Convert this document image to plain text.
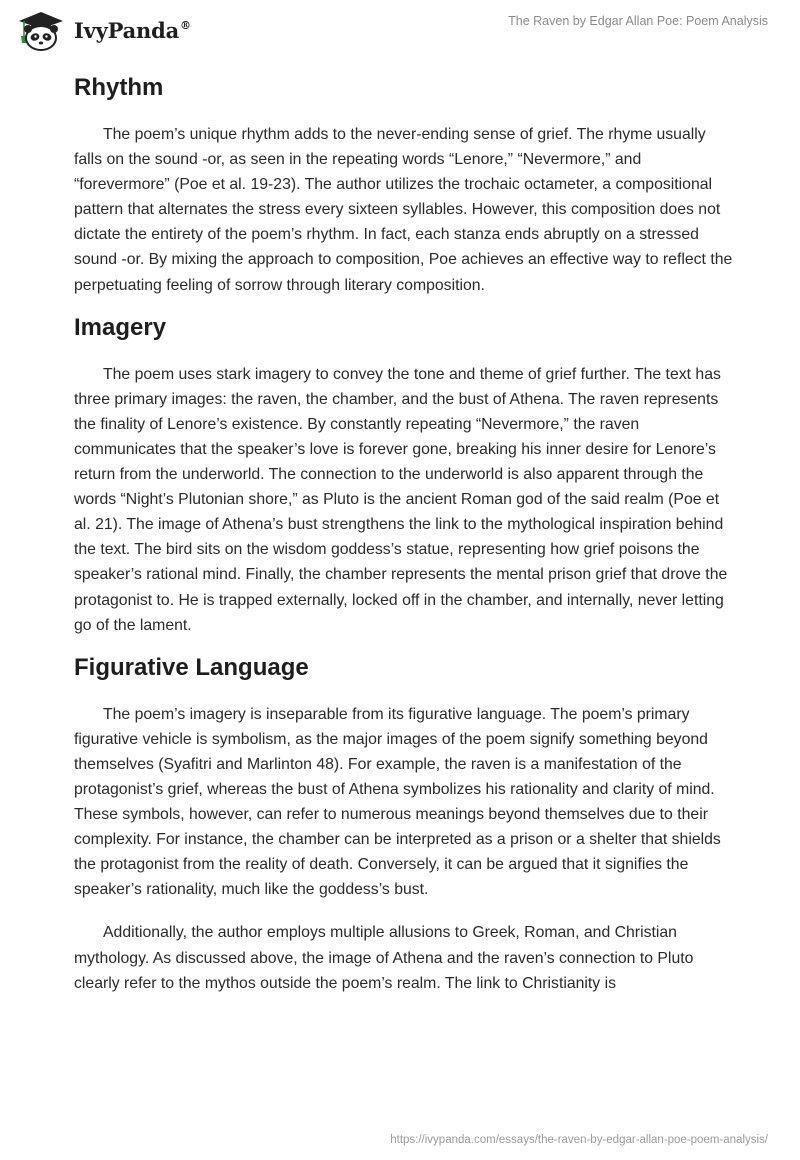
IvyPanda®	The Raven by Edgar Allan Poe: Poem Analysis
Rhythm

The poem’s unique rhythm adds to the never-ending sense of grief. The rhyme usually falls on the sound -or, as seen in the repeating words “Lenore,” “Nevermore,” and “forevermore” (Poe et al. 19-23). The author utilizes the trochaic octameter, a compositional pattern that alternates the stress every sixteen syllables. However, this composition does not dictate the entirety of the poem’s rhythm. In fact, each stanza ends abruptly on a stressed sound -or. By mixing the approach to composition, Poe achieves an effective way to reflect the perpetuating feeling of sorrow through literary composition.

Imagery

The poem uses stark imagery to convey the tone and theme of grief further. The text has three primary images: the raven, the chamber, and the bust of Athena. The raven represents the finality of Lenore’s existence. By constantly repeating “Nevermore,” the raven communicates that the speaker’s love is forever gone, breaking his inner desire for Lenore’s return from the underworld. The connection to the underworld is also apparent through the words “Night’s Plutonian shore,” as Pluto is the ancient Roman god of the said realm (Poe et al. 21). The image of Athena’s bust strengthens the link to the mythological inspiration behind the text. The bird sits on the wisdom goddess’s statue, representing how grief poisons the speaker’s rational mind. Finally, the chamber represents the mental prison grief that drove the protagonist to. He is trapped externally, locked off in the chamber, and internally, never letting go of the lament.

Figurative Language

The poem’s imagery is inseparable from its figurative language. The poem’s primary figurative vehicle is symbolism, as the major images of the poem signify something beyond themselves (Syafitri and Marlinton 48). For example, the raven is a manifestation of the protagonist’s grief, whereas the bust of Athena symbolizes his rationality and clarity of mind. These symbols, however, can refer to numerous meanings beyond themselves due to their complexity. For instance, the chamber can be interpreted as a prison or a shelter that shields the protagonist from the reality of death. Conversely, it can be argued that it signifies the speaker’s rationality, much like the goddess’s bust.

Additionally, the author employs multiple allusions to Greek, Roman, and Christian mythology. As discussed above, the image of Athena and the raven’s connection to Pluto clearly refer to the mythos outside the poem’s realm. The link to Christianity is

https://ivypanda.com/essays/the-raven-by-edgar-allan-poe-poem-analysis/
